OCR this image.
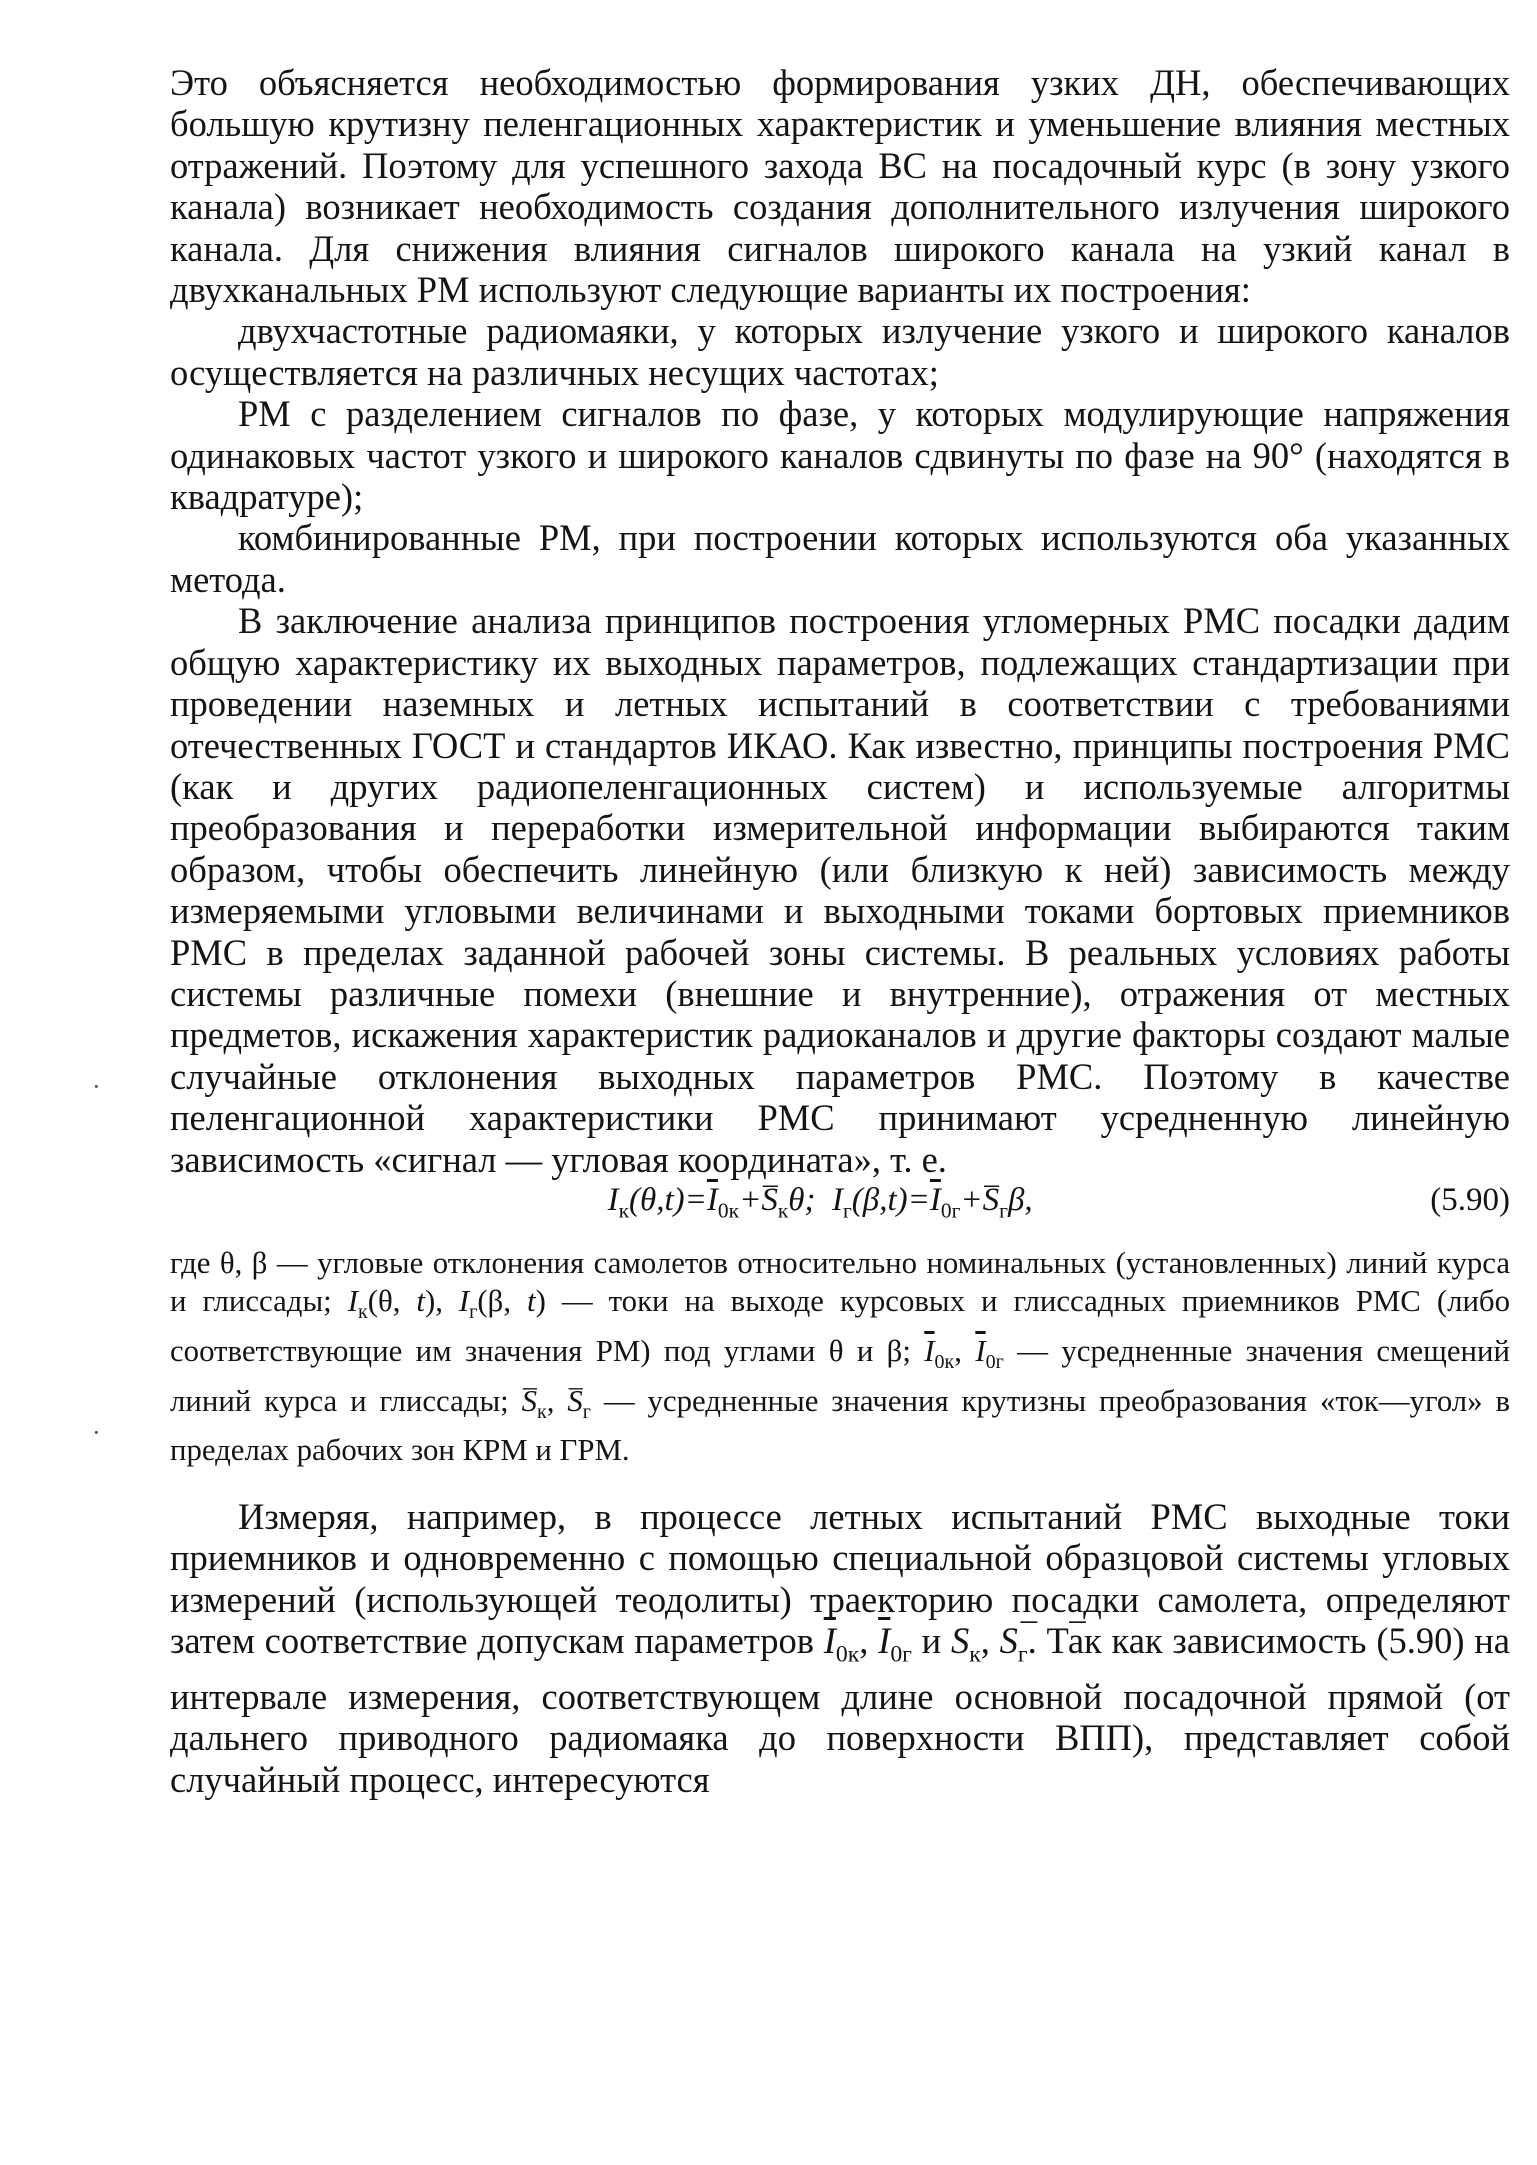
Это объясняется необходимостью формирования узких ДН, обеспечивающих большую крутизну пеленгационных характеристик и уменьшение влияния местных отражений. Поэтому для успешного захода ВС на посадочный курс (в зону узкого канала) возникает необходимость создания дополнительного излучения широкого канала. Для снижения влияния сигналов широкого канала на узкий канал в двухканальных РМ используют следующие варианты их построения:

двухчастотные радиомаяки, у которых излучение узкого и широкого каналов осуществляется на различных несущих частотах;

РМ с разделением сигналов по фазе, у которых модулирующие напряжения одинаковых частот узкого и широкого каналов сдвинуты по фазе на 90° (находятся в квадратуре);

комбинированные РМ, при построении которых используются оба указанных метода.

В заключение анализа принципов построения угломерных РМС посадки дадим общую характеристику их выходных параметров, подлежащих стандартизации при проведении наземных и летных испытаний в соответствии с требованиями отечественных ГОСТ и стандартов ИКАО. Как известно, принципы построения РМС (как и других радиопеленгационных систем) и используемые алгоритмы преобразования и переработки измерительной информации выбираются таким образом, чтобы обеспечить линейную (или близкую к ней) зависимость между измеряемыми угловыми величинами и выходными токами бортовых приемников РМС в пределах заданной рабочей зоны системы. В реальных условиях работы системы различные помехи (внешние и внутренние), отражения от местных предметов, искажения характеристик радиоканалов и другие факторы создают малые случайные отклонения выходных параметров РМС. Поэтому в качестве пеленгационной характеристики РМС принимают усредненную линейную зависимость «сигнал — угловая координата», т. е.

$I_к(\theta,t)=\overline{I}_{0к}+‒$ $S_к\theta$;  $I_г(\beta,t)=\overline{I}_{0г}+‒$ $S_г\beta$,	(5.90)

где θ, β — угловые отклонения самолетов относительно номинальных (установленных) линий курса и глиссады; $I_к(\theta$, t), $I_г(\beta$, t) — токи на выходе курсовых и глиссадных приемников РМС (либо соответствующие им значения РМ) под углами θ и β; $\overline{I}_{0к}$, $\overline{I}_{0г}$ — усредненные значения смещений линий курса и глиссады; ‒ $S_к$, ‒ $S_г$ — усредненные значения крутизны преобразования «ток—угол» в пределах рабочих зон КРМ и ГРМ.

Измеряя, например, в процессе летных испытаний РМС выходные токи приемников и одновременно с помощью специальной образцовой системы угловых измерений (использующей теодолиты) траекторию посадки самолета, определяют затем соответствие допускам параметров $\overline{I}_{0к}$, $\overline{I}_{0г}$ и ‒ $S_к$, ‒ $S_г$. Так как зависимость (5.90) на интервале измерения, соответствующем длине основной посадочной прямой (от дальнего приводного радиомаяка до поверхности ВПП), представляет собой случайный процесс, интересуются

·
·
